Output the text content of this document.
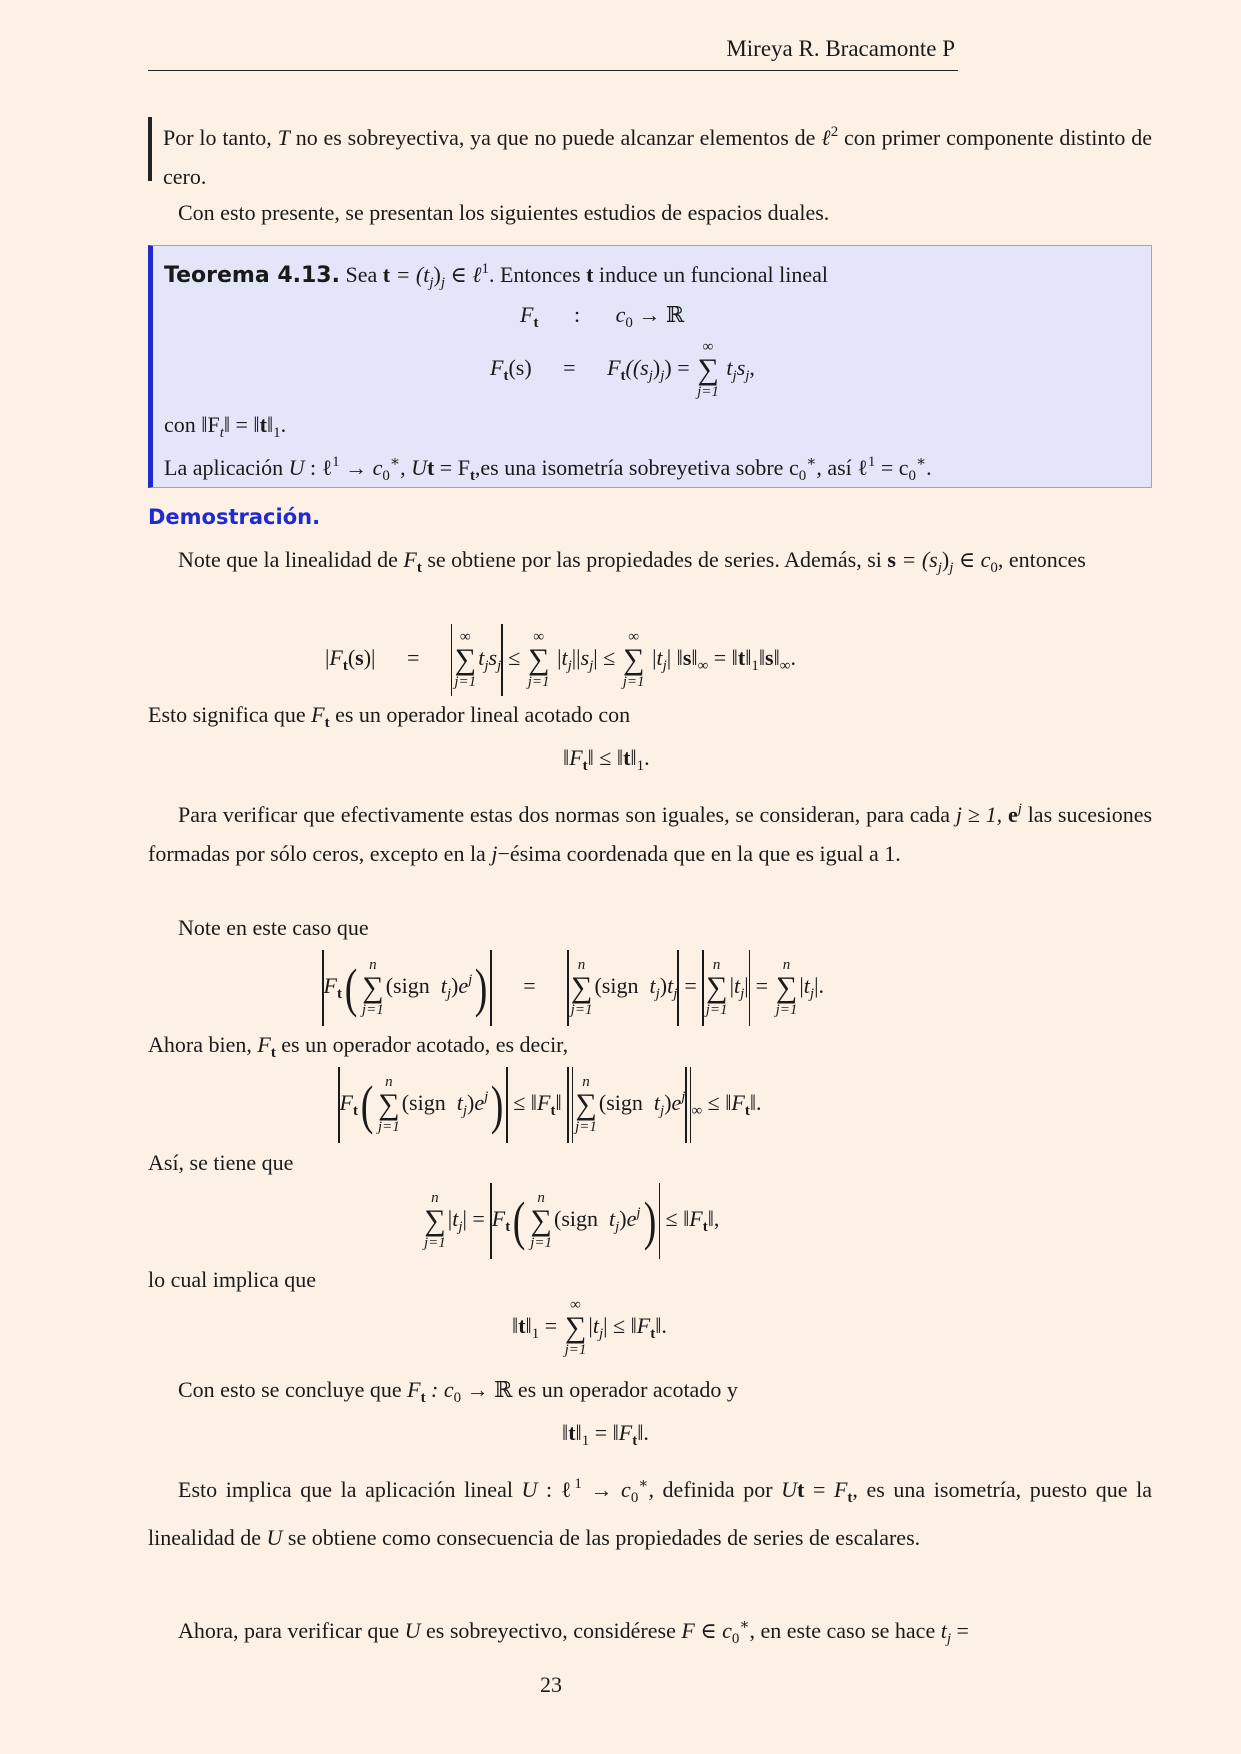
Mireya R. Bracamonte P
Por lo tanto, T no es sobreyectiva, ya que no puede alcanzar elementos de ℓ$^2$ con primer componente distinto de cero.
Con esto presente, se presentan los siguientes estudios de espacios duales.
Teorema 4.13. Sea $t = (t_j)_j$ ∈ ℓ$^1$. Entonces t induce un funcional lineal
$F_t$ : $c_0$ → ℝ
$F_t(s) = F_t((s_j)_j)$ =
∞
∑
j=1
$t_js_j$,
con $‖F_t‖$ = $‖t‖_1$.
La aplicación U : ℓ$^1$ → $c_0^∗$, $Ut = F_t,es$ una isometría sobreyetiva sobre $c_0^∗$, así ℓ$^1$ = $c_0^∗$.
Demostración.
Note que la linealidad de $F_t$ se obtiene por las propiedades de series. Además, si $s = (s_j)_j$ ∈ $c_0$, entonces
$|F_t(s)|$ =
∞
∑
j=1
$t_js_j$ ≤
∞
∑
j=1
$|t_j||s_j|$ ≤
∞
∑
j=1
$|t_j|$ $‖s‖_\infty$ = $‖t‖_1‖s‖_\infty$.
Esto significa que $F_t$ es un operador lineal acotado con
$‖F_t‖$ ≤ $‖t‖_1$.
Para verificar que efectivamente estas dos normas son iguales, se consideran, para cada j ≥ 1, $e^j$ las sucesiones formadas por sólo ceros, excepto en la j−ésima coordenada que en la que es igual a 1.
Note en este caso que
$F_t$( n
∑
j=1
(sign  $t_j)e^j$) =
n
∑
j=1
(sign  $t_j)t_j$ =
n
∑
j=1
$|t_j|$ =
n
∑
j=1
$|t_j|$.
Ahora bien, $F_t$ es un operador acotado, es decir,
$F_t$( n
∑
j=1
(sign  $t_j)e^j$) ≤ $‖F_t‖$
n
∑
j=1
(sign  $t_j)e^j_\infty$ ≤ $‖F_t‖$.
Así, se tiene que
n
∑
j=1
$|t_j| = F_t$( n
∑
j=1
(sign  $t_j)e^j$) ≤ $‖F_t‖$,
lo cual implica que
$‖t‖_1$ =
∞
∑
j=1
$|t_j|$ ≤ $‖F_t‖$.
Con esto se concluye que $F_t$ : $c_0$ → ℝ es un operador acotado y
$‖t‖_1$ = $‖F_t‖$.
Esto implica que la aplicación lineal U : ℓ$^1$ → $c_0^∗$, definida por $Ut = F_t$, es una isometría, puesto que la linealidad de U se obtiene como consecuencia de las propiedades de series de escalares.
Ahora, para verificar que U es sobreyectivo, considérese F ∈ $c_0^∗$, en este caso se hace $t_j$ =
23
